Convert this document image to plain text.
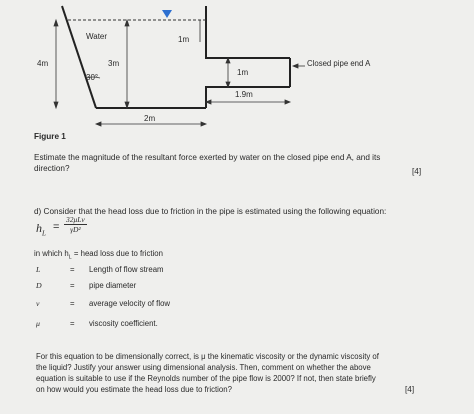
Water
4m	3m
30°
1m
1m
1.9m
2m
Closed pipe end A
Figure 1
Estimate the magnitude of the resultant force exerted by water on the closed pipe end A, and its
direction?	[4]
d) Consider that the head loss due to friction in the pipe is estimated using the following equation:
$h_L$
=
32μLv
γD²
in which $h_L$ = head loss due to friction
L	= Length of flow stream
D	= pipe diameter
v	= average velocity of flow
μ	= viscosity coefficient.
For this equation to be dimensionally correct, is μ the kinematic viscosity or the dynamic viscosity of
the liquid? Justify your answer using dimensional analysis. Then, comment on whether the above
equation is suitable to use if the Reynolds number of the pipe flow is 2000? If not, then state briefly
on how would you estimate the head loss due to friction?	[4]
